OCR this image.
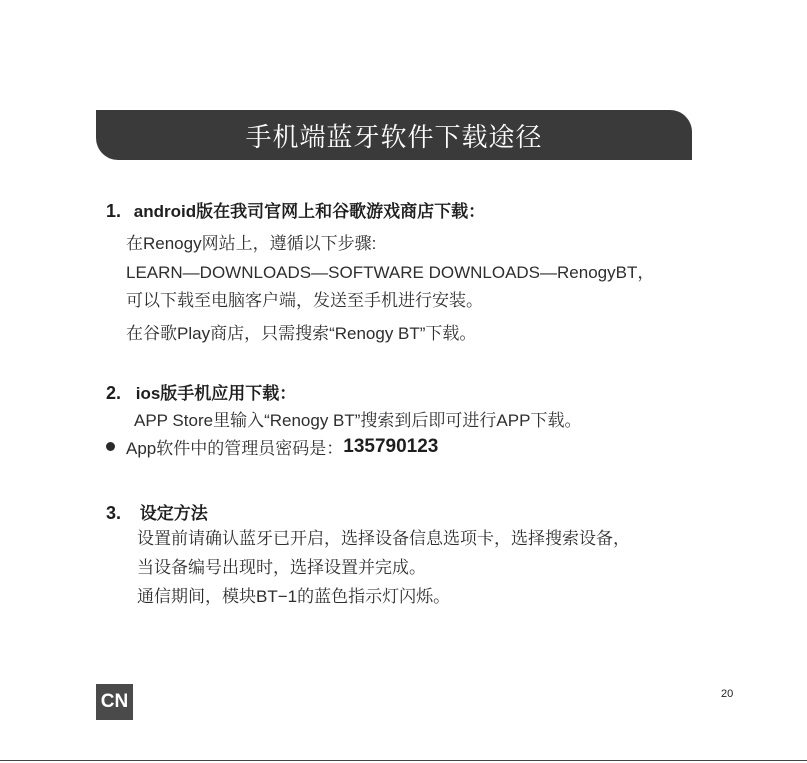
手机端蓝牙软件下载途径
1. android版在我司官网上和谷歌游戏商店下载：
在Renogy网站上，遵循以下步骤:
LEARN—DOWNLOADS—SOFTWARE DOWNLOADS—RenogyBT，
可以下载至电脑客户端，发送至手机进行安装。
在谷歌Play商店，只需搜索“Renogy BT”下载。
2. ios版手机应用下载：
APP Store里输入“Renogy BT”搜索到后即可进行APP下载。
App软件中的管理员密码是： 135790123
3. 设定方法
设置前请确认蓝牙已开启，选择设备信息选项卡，选择搜索设备，
当设备编号出现时，选择设置并完成。
通信期间，模块BT−1的蓝色指示灯闪烁。
CN	20
